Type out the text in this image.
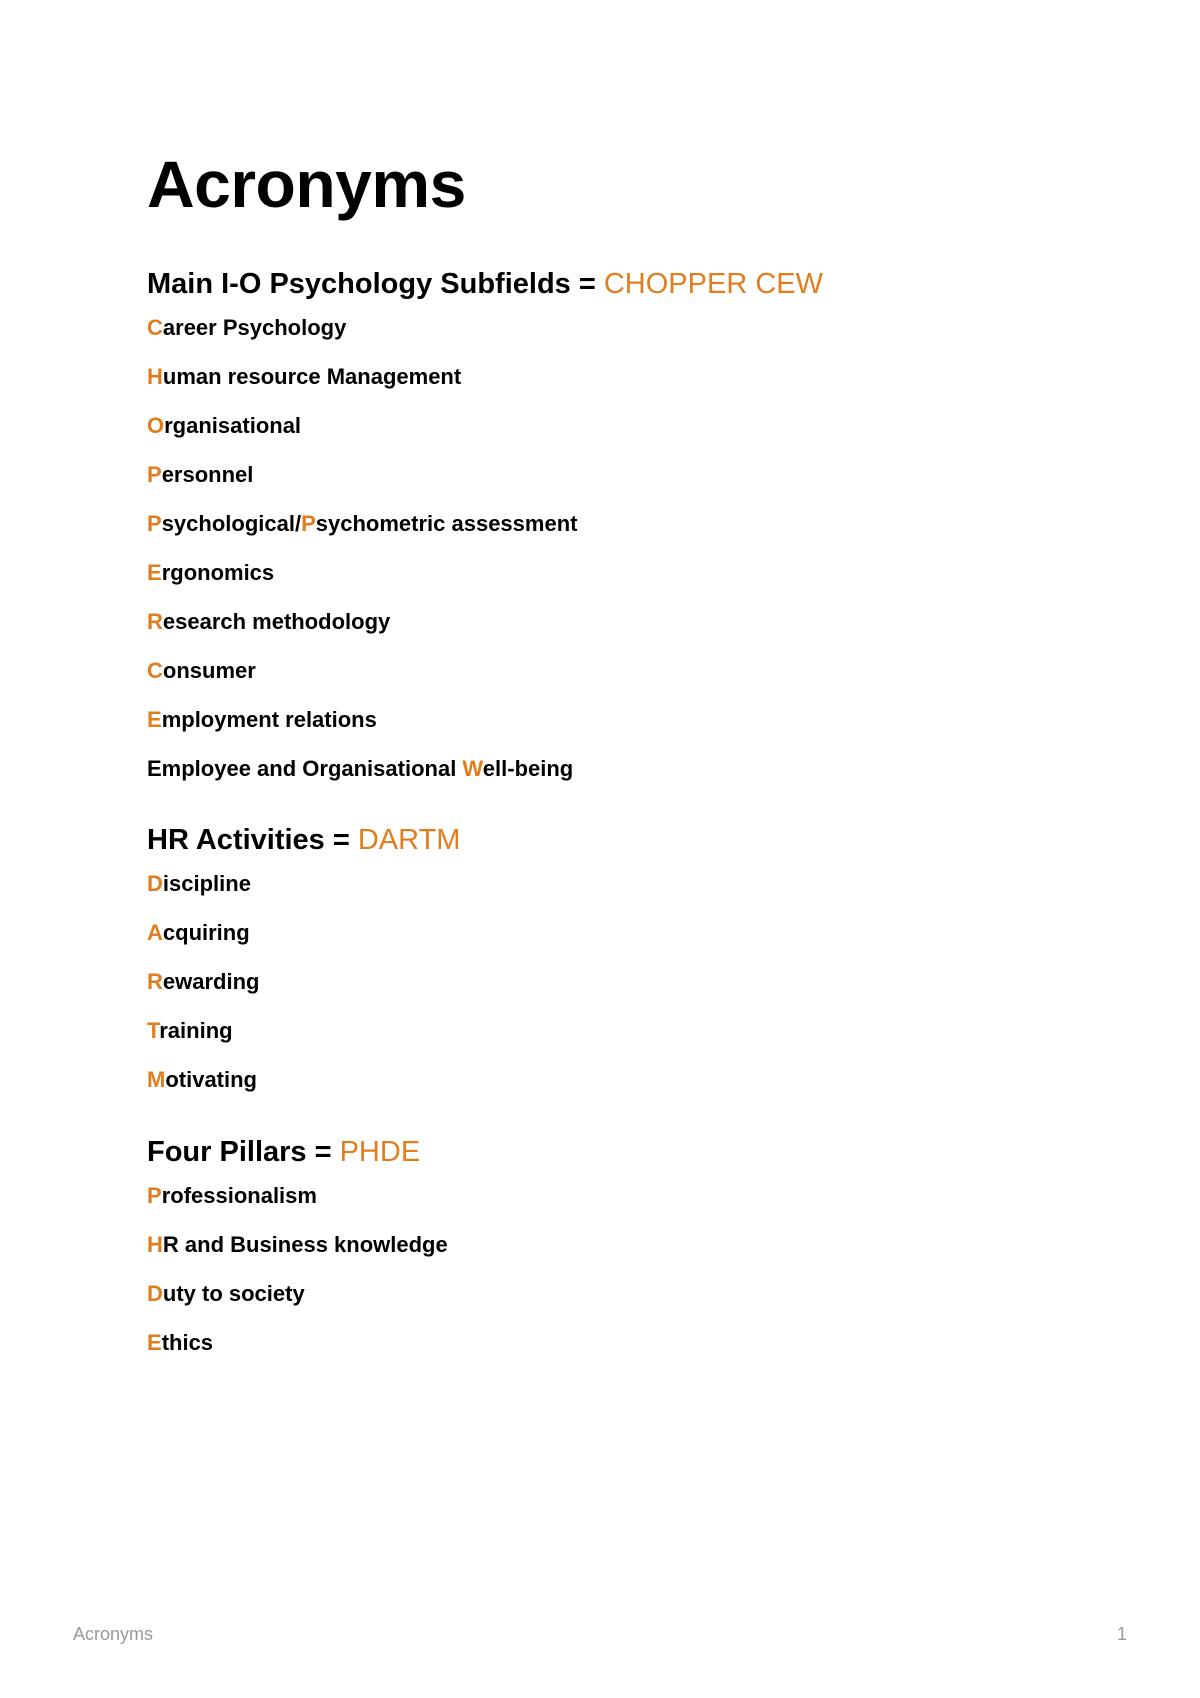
Acronyms
Main I-O Psychology Subfields = CHOPPER CEW
Career Psychology
Human resource Management
Organisational
Personnel
Psychological/Psychometric assessment
Ergonomics
Research methodology
Consumer
Employment relations
Employee and Organisational Well-being
HR Activities = DARTM
Discipline
Acquiring
Rewarding
Training
Motivating
Four Pillars = PHDE
Professionalism
HR and Business knowledge
Duty to society
Ethics
Acronyms	1
